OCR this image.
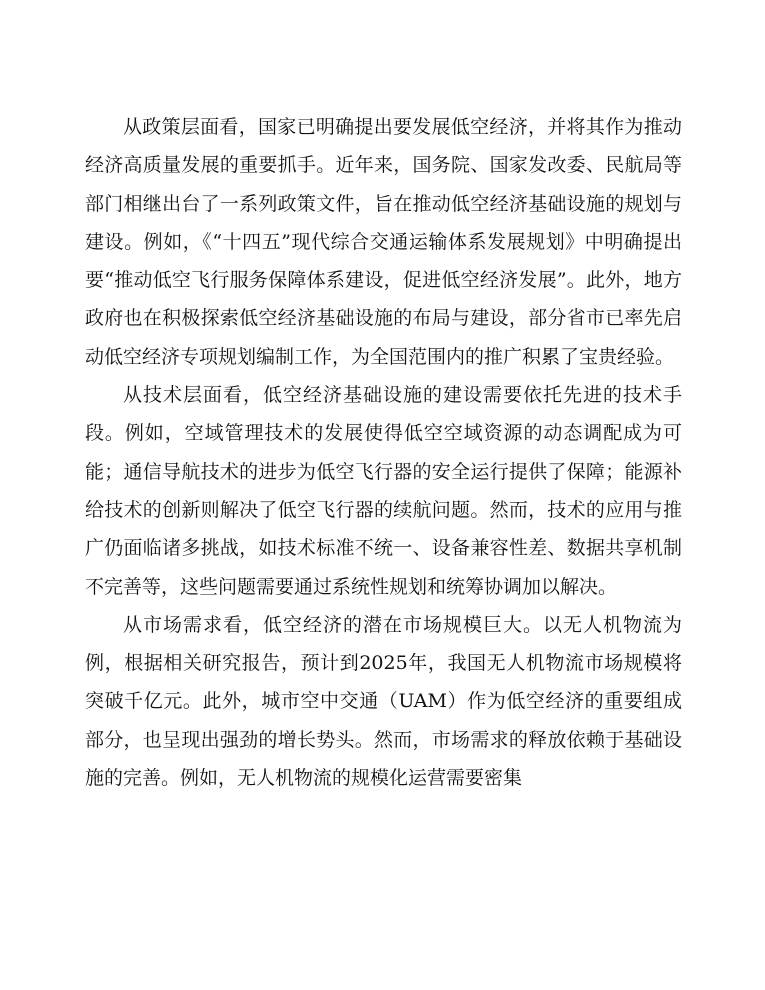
从政策层面看，国家已明确提出要发展低空经济，并将其作为推动经济高质量发展的重要抓手。近年来，国务院、国家发改委、民航局等部门相继出台了一系列政策文件，旨在推动低空经济基础设施的规划与建设。例如，《“十四五”现代综合交通运输体系发展规划》中明确提出要“推动低空飞行服务保障体系建设，促进低空经济发展”。此外，地方政府也在积极探索低空经济基础设施的布局与建设，部分省市已率先启动低空经济专项规划编制工作，为全国范围内的推广积累了宝贵经验。

从技术层面看，低空经济基础设施的建设需要依托先进的技术手段。例如，空域管理技术的发展使得低空空域资源的动态调配成为可能；通信导航技术的进步为低空飞行器的安全运行提供了保障；能源补给技术的创新则解决了低空飞行器的续航问题。然而，技术的应用与推广仍面临诸多挑战，如技术标准不统一、设备兼容性差、数据共享机制不完善等，这些问题需要通过系统性规划和统筹协调加以解决。

从市场需求看，低空经济的潜在市场规模巨大。以无人机物流为例，根据相关研究报告，预计到2025年，我国无人机物流市场规模将突破千亿元。此外，城市空中交通（UAM）作为低空经济的重要组成部分，也呈现出强劲的增长势头。然而，市场需求的释放依赖于基础设施的完善。例如，无人机物流的规模化运营需要密集
